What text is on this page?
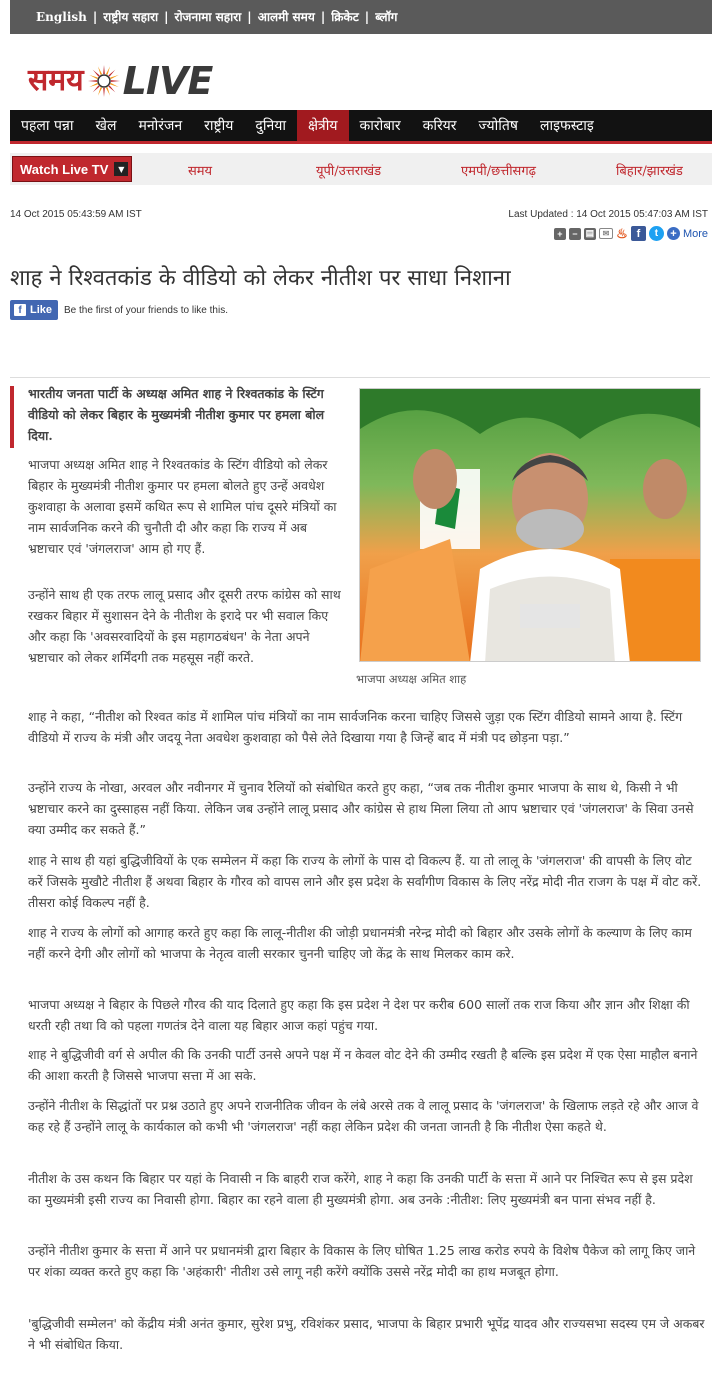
English | राष्ट्रीय सहारा | रोजनामा सहारा | आलमी समय | क्रिकेट | ब्लॉग
समय LIVE
पहला पन्ना	खेल	मनोरंजन	राष्ट्रीय	दुनिया	क्षेत्रीय	कारोबार	करियर	ज्योतिष	लाइफस्टाइ
Watch Live TV	▼	समय	यूपी/उत्तराखंड	एमपी/छत्तीसगढ़	बिहार/झारखंड
14 Oct 2015 05:43:59 AM IST	Last Updated : 14 Oct 2015 05:47:03 AM IST
+	− ▤	✉ ♨ f	t	+ More
शाह ने रिश्वतकांड के वीडियो को लेकर नीतीश पर साधा निशाना
f Like Be the first of your friends to like this.

भारतीय जनता पार्टी के अध्यक्ष अमित शाह ने रिश्वतकांड के स्टिंग वीडियो को लेकर बिहार के मुख्यमंत्री नीतीश कुमार पर हमला बोल दिया.

भाजपा अध्यक्ष अमित शाह

भाजपा अध्यक्ष अमित शाह ने रिश्वतकांड के स्टिंग वीडियो को लेकर बिहार के मुख्यमंत्री नीतीश कुमार पर हमला बोलते हुए उन्हें अवधेश कुशवाहा के अलावा इसमें कथित रूप से शामिल पांच दूसरे मंत्रियों का नाम सार्वजनिक करने की चुनौती दी और कहा कि राज्य में अब भ्रष्टाचार एवं 'जंगलराज' आम हो गए हैं.

उन्होंने साथ ही एक तरफ लालू प्रसाद और दूसरी तरफ कांग्रेस को साथ रखकर बिहार में सुशासन देने के नीतीश के इरादे पर भी सवाल किए और कहा कि 'अवसरवादियों के इस महागठबंधन' के नेता अपने भ्रष्टाचार को लेकर शर्मिंदगी तक महसूस नहीं करते.

शाह ने कहा, “नीतीश को रिश्वत कांड में शामिल पांच मंत्रियों का नाम सार्वजनिक करना चाहिए जिससे जुड़ा एक स्टिंग वीडियो सामने आया है. स्टिंग वीडियो में राज्य के मंत्री और जदयू नेता अवधेश कुशवाहा को पैसे लेते दिखाया गया है जिन्हें बाद में मंत्री पद छोड़ना पड़ा.”

उन्होंने राज्य के नोखा, अरवल और नवीनगर में चुनाव रैलियों को संबोधित करते हुए कहा, “जब तक नीतीश कुमार भाजपा के साथ थे, किसी ने भी भ्रष्टाचार करने का दुस्साहस नहीं किया. लेकिन जब उन्होंने लालू प्रसाद और कांग्रेस से हाथ मिला लिया तो आप भ्रष्टाचार एवं 'जंगलराज' के सिवा उनसे क्या उम्मीद कर सकते हैं.”

शाह ने साथ ही यहां बुद्धिजीवियों के एक सम्मेलन में कहा कि राज्य के लोगों के पास दो विकल्प हैं. या तो लालू के 'जंगलराज' की वापसी के लिए वोट करें जिसके मुखौटे नीतीश हैं अथवा बिहार के गौरव को वापस लाने और इस प्रदेश के सर्वांगीण विकास के लिए नरेंद्र मोदी नीत राजग के पक्ष में वोट करें. तीसरा कोई विकल्प नहीं है.

शाह ने राज्य के लोगों को आगाह करते हुए कहा कि लालू-नीतीश की जोड़ी प्रधानमंत्री नरेन्द्र मोदी को बिहार और उसके लोगों के कल्याण के लिए काम नहीं करने देगी और लोगों को भाजपा के नेतृत्व वाली सरकार चुननी चाहिए जो केंद्र के साथ मिलकर काम करे.

भाजपा अध्यक्ष ने बिहार के पिछले गौरव की याद दिलाते हुए कहा कि इस प्रदेश ने देश पर करीब 600 सालों तक राज किया और ज्ञान और शिक्षा की धरती रही तथा वि को पहला गणतंत्र देने वाला यह बिहार आज कहां पहुंच गया.

शाह ने बुद्धिजीवी वर्ग से अपील की कि उनकी पार्टी उनसे अपने पक्ष में न केवल वोट देने की उम्मीद रखती है बल्कि इस प्रदेश में एक ऐसा माहौल बनाने की आशा करती है जिससे भाजपा सत्ता में आ सके.

उन्होंने नीतीश के सिद्धांतों पर प्रश्न उठाते हुए अपने राजनीतिक जीवन के लंबे अरसे तक वे लालू प्रसाद के 'जंगलराज' के खिलाफ लड़ते रहे और आज वे कह रहे हैं उन्होंने लालू के कार्यकाल को कभी भी 'जंगलराज' नहीं कहा लेकिन प्रदेश की जनता जानती है कि नीतीश ऐसा कहते थे.

नीतीश के उस कथन कि बिहार पर यहां के निवासी न कि बाहरी राज करेंगे, शाह ने कहा कि उनकी पार्टी के सत्ता में आने पर निश्चित रूप से इस प्रदेश का मुख्यमंत्री इसी राज्य का निवासी होगा. बिहार का रहने वाला ही मुख्यमंत्री होगा. अब उनके :नीतीश: लिए मुख्यमंत्री बन पाना संभव नहीं है.

उन्होंने नीतीश कुमार के सत्ता में आने पर प्रधानमंत्री द्वारा बिहार के विकास के लिए घोषित 1.25 लाख करोड रुपये के विशेष पैकेज को लागू किए जाने पर शंका व्यक्त करते हुए कहा कि 'अहंकारी' नीतीश उसे लागू नही करेंगे क्योंकि उससे नरेंद्र मोदी का हाथ मजबूत होगा.

'बुद्धिजीवी सम्मेलन' को केंद्रीय मंत्री अनंत कुमार, सुरेश प्रभु, रविशंकर प्रसाद, भाजपा के बिहार प्रभारी भूपेंद्र यादव और राज्यसभा सदस्य एम जे अकबर ने भी संबोधित किया.
